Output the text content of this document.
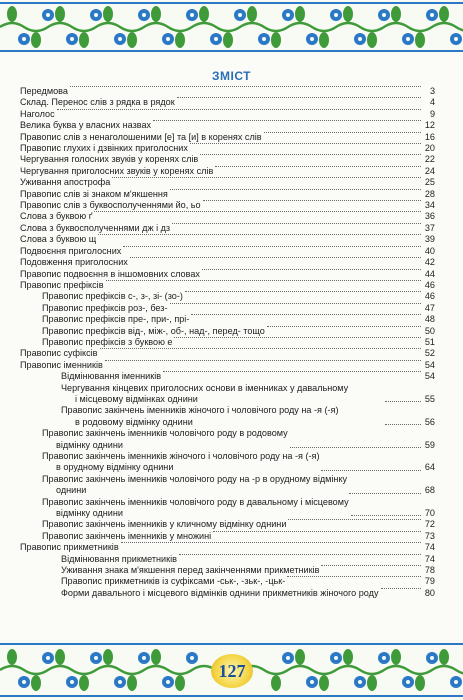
ЗМІСТ
Передмова	3
Склад. Перенос слів з рядка в рядок	4
Наголос	9
Велика буква у власних назвах	12
Правопис слів з ненаголошеними [е] та [и] в коренях слів	16
Правопис глухих і дзвінких приголосних	20
Чергування голосних звуків у коренях слів	22
Чергування приголосних звуків у коренях слів	24
Уживання апострофа	25
Правопис слів зі знаком м'якшення	28
Правопис слів з буквосполученнями йо, ьо	34
Слова з буквою ґ	36
Слова з буквосполученнями дж і дз	37
Слова з буквою щ	39
Подвоєння приголосних	40
Подовження приголосних	42
Правопис подвоєння в іншомовних словах	44
Правопис префіксів	46
Правопис префіксів с-, з-, зі- (зо-)	46
Правопис префіксів роз-, без-	47
Правопис префіксів пре-, при-, прі-	48
Правопис префіксів від-, між-, об-, над-, перед- тощо	50
Правопис префіксів з буквою е	51
Правопис суфіксів	52
Правопис іменників	54
Відмінювання іменників	54
Чергування кінцевих приголосних основи в іменниках у давальному
і місцевому відмінках однини	55
Правопис закінчень іменників жіночого і чоловічого роду на -я (-я)
в родовому відмінку однини	56
Правопис закінчень іменників чоловічого роду в родовому
відмінку однини	59
Правопис закінчень іменників жіночого і чоловічого роду на -я (-я)
в орудному відмінку однини	64
Правопис закінчень іменників чоловічого роду на -р в орудному відмінку
однини	68
Правопис закінчень іменників чоловічого роду в давальному і місцевому
відмінку однини	70
Правопис закінчень іменників у кличному відмінку однини	72
Правопис закінчень іменників у множині	73
Правопис прикметників	74
Відмінювання прикметників	74
Уживання знака м'якшення перед закінченнями прикметників	78
Правопис прикметників із суфіксами -ськ-, -зьк-, -цьк-	79
Форми давального і місцевого відмінків однини прикметників жіночого роду	80
127
